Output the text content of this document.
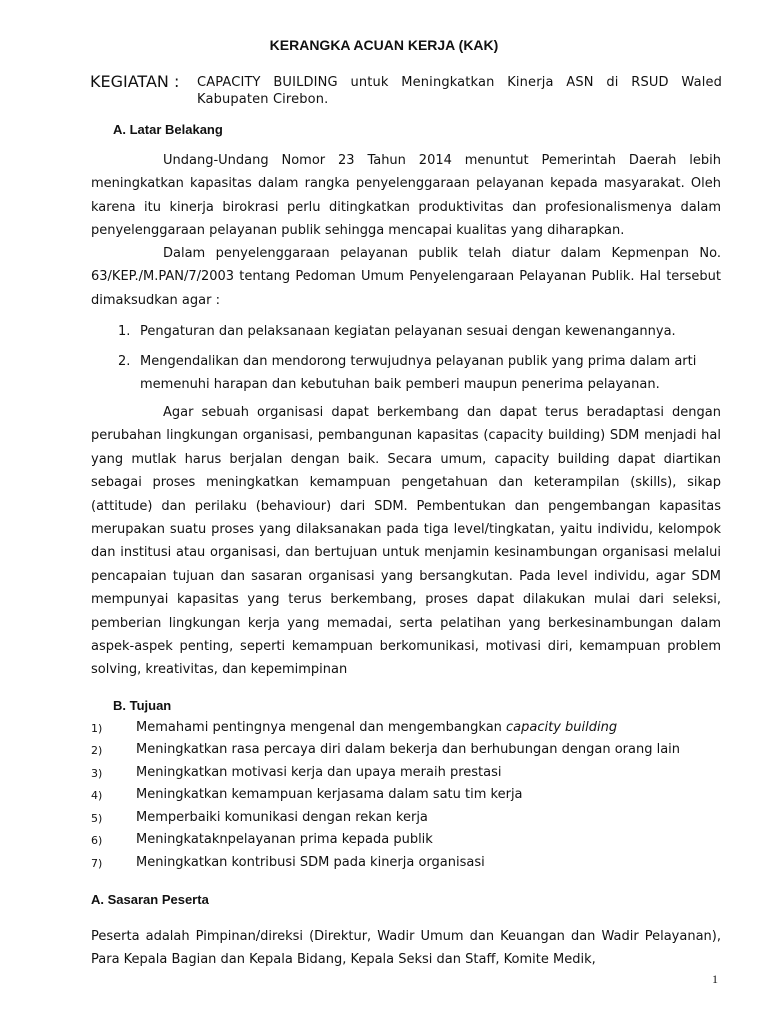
KERANGKA ACUAN KERJA (KAK)
KEGIATAN : CAPACITY BUILDING untuk Meningkatkan Kinerja ASN di RSUD Waled Kabupaten Cirebon.
A. Latar Belakang
Undang-Undang Nomor 23 Tahun 2014 menuntut Pemerintah Daerah lebih meningkatkan kapasitas dalam rangka penyelenggaraan pelayanan kepada masyarakat. Oleh karena itu kinerja birokrasi perlu ditingkatkan produktivitas dan profesionalismenya dalam penyelenggaraan pelayanan publik sehingga mencapai kualitas yang diharapkan.
Dalam penyelenggaraan pelayanan publik telah diatur dalam Kepmenpan No. 63/KEP./M.PAN/7/2003 tentang Pedoman Umum Penyelengaraan Pelayanan Publik. Hal tersebut dimaksudkan agar :
1. Pengaturan dan pelaksanaan kegiatan pelayanan sesuai dengan kewenangannya.
2. Mengendalikan dan mendorong terwujudnya pelayanan publik yang prima dalam arti
memenuhi harapan dan kebutuhan baik pemberi maupun penerima pelayanan.
Agar sebuah organisasi dapat berkembang dan dapat terus beradaptasi dengan perubahan lingkungan organisasi, pembangunan kapasitas (capacity building) SDM menjadi hal yang mutlak harus berjalan dengan baik. Secara umum, capacity building dapat diartikan sebagai proses meningkatkan kemampuan pengetahuan dan keterampilan (skills), sikap (attitude) dan perilaku (behaviour) dari SDM. Pembentukan dan pengembangan kapasitas merupakan suatu proses yang dilaksanakan pada tiga level/tingkatan, yaitu individu, kelompok dan institusi atau organisasi, dan bertujuan untuk menjamin kesinambungan organisasi melalui pencapaian tujuan dan sasaran organisasi yang bersangkutan. Pada level individu, agar SDM mempunyai kapasitas yang terus berkembang, proses dapat dilakukan mulai dari seleksi, pemberian lingkungan kerja yang memadai, serta pelatihan yang berkesinambungan dalam aspek-aspek penting, seperti kemampuan berkomunikasi, motivasi diri, kemampuan problem solving, kreativitas, dan kepemimpinan
B. Tujuan
1)	Memahami pentingnya mengenal dan mengembangkan capacity building
2)	Meningkatkan rasa percaya diri dalam bekerja dan berhubungan dengan orang lain
3)	Meningkatkan motivasi kerja dan upaya meraih prestasi
4)	Meningkatkan kemampuan kerjasama dalam satu tim kerja
5)	Memperbaiki komunikasi dengan rekan kerja
6)	Meningkataknpelayanan prima kepada publik
7)	Meningkatkan kontribusi SDM pada kinerja organisasi
A. Sasaran Peserta
Peserta adalah Pimpinan/direksi (Direktur, Wadir Umum dan Keuangan dan Wadir Pelayanan), Para Kepala Bagian dan Kepala Bidang, Kepala Seksi dan Staff, Komite Medik,
1
